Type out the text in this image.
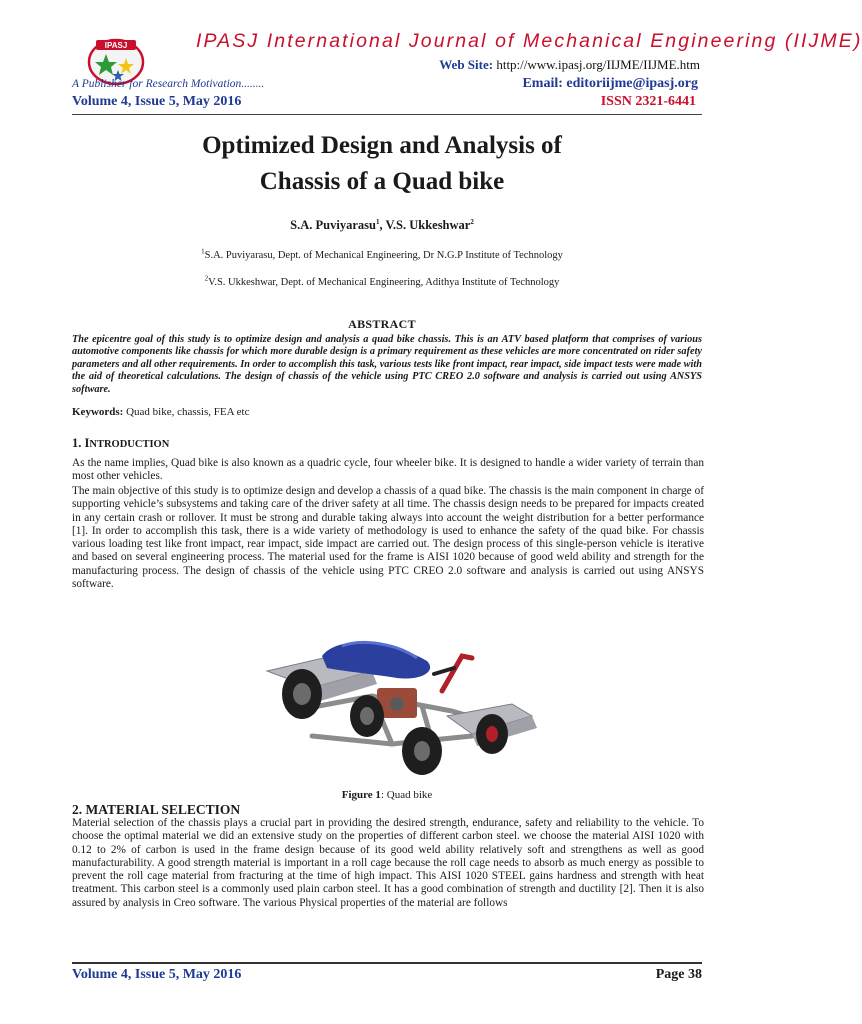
IPASJ	IPASJ International Journal of Mechanical Engineering (IIJME)
Web Site: http://www.ipasj.org/IIJME/IIJME.htm
A Publisher for Research Motivation........	Email: editoriijme@ipasj.org
Volume 4, Issue 5, May 2016	ISSN 2321-6441
Optimized Design and Analysis of
Chassis of a Quad bike
S.A. Puviyarasu$^1$, V.S. Ukkeshwar$^2$
$^1$S.A. Puviyarasu, Dept. of Mechanical Engineering, Dr N.G.P Institute of Technology
$^2$V.S. Ukkeshwar, Dept. of Mechanical Engineering, Adithya Institute of Technology
ABSTRACT
The epicentre goal of this study is to optimize design and analysis a quad bike chassis. This is an ATV based platform that comprises of various automotive components like chassis for which more durable design is a primary requirement as these vehicles are more concentrated on rider safety parameters and all other requirements. In order to accomplish this task, various tests like front impact, rear impact, side impact tests were made with the aid of theoretical calculations. The design of chassis of the vehicle using PTC CREO 2.0 software and analysis is carried out using ANSYS software.
Keywords: Quad bike, chassis, FEA etc
1. INTRODUCTION
As the name implies, Quad bike is also known as a quadric cycle, four wheeler bike. It is designed to handle a wider variety of terrain than most other vehicles.
The main objective of this study is to optimize design and develop a chassis of a quad bike. The chassis is the main component in charge of supporting vehicle’s subsystems and taking care of the driver safety at all time. The chassis design needs to be prepared for impacts created in any certain crash or rollover. It must be strong and durable taking always into account the weight distribution for a better performance [1]. In order to accomplish this task, there is a wide variety of methodology is used to enhance the safety of the quad bike. For chassis various loading test like front impact, rear impact, side impact are carried out. The design process of this single-person vehicle is iterative and based on several engineering process. The material used for the frame is AISI 1020 because of good weld ability and strength for the manufacturing process. The design of chassis of the vehicle using PTC CREO 2.0 software and analysis is carried out using ANSYS software.
Figure 1: Quad bike
2. MATERIAL SELECTION
Material selection of the chassis plays a crucial part in providing the desired strength, endurance, safety and reliability to the vehicle. To choose the optimal material we did an extensive study on the properties of different carbon steel. we choose the material AISI 1020 with 0.12 to 2% of carbon is used in the frame design because of its good weld ability relatively soft and strengthens as well as good manufacturability. A good strength material is important in a roll cage because the roll cage needs to absorb as much energy as possible to prevent the roll cage material from fracturing at the time of high impact. This AISI 1020 STEEL gains hardness and strength with heat treatment. This carbon steel is a commonly used plain carbon steel. It has a good combination of strength and ductility [2]. Then it is also assured by analysis in Creo software. The various Physical properties of the material are follows
Volume 4, Issue 5, May 2016	Page 38
